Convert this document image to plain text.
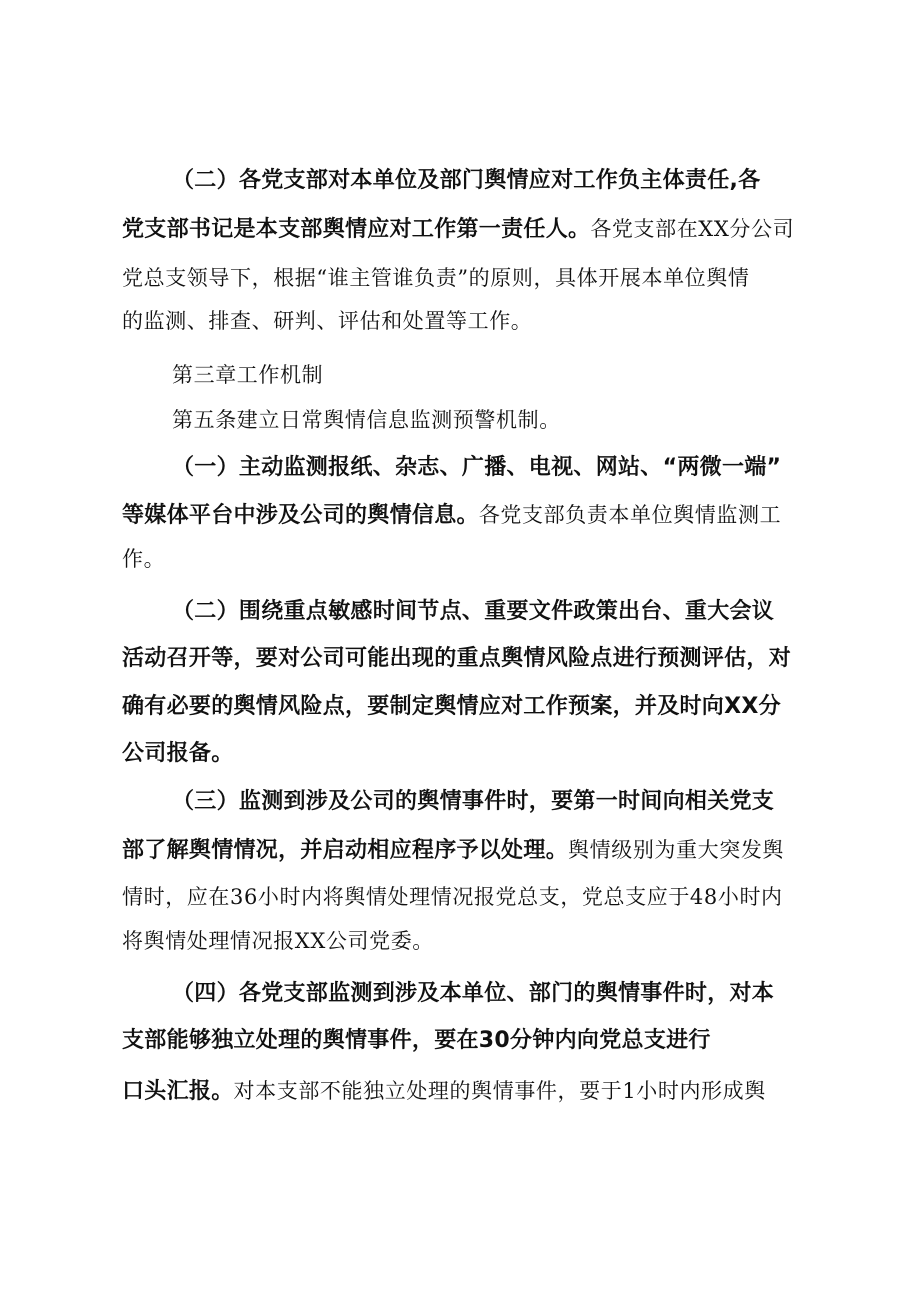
（二）各党支部对本单位及部门舆情应对工作负主体责任,各
党支部书记是本支部舆情应对工作第一责任人。各党支部在XX分公司
党总支领导下，根据“谁主管谁负责”的原则，具体开展本单位舆情
的监测、排查、研判、评估和处置等工作。
第三章工作机制
第五条建立日常舆情信息监测预警机制。
（一）主动监测报纸、杂志、广播、电视、网站、“两微一端”
等媒体平台中涉及公司的舆情信息。各党支部负责本单位舆情监测工
作。
（二）围绕重点敏感时间节点、重要文件政策出台、重大会议
活动召开等，要对公司可能出现的重点舆情风险点进行预测评估，对
确有必要的舆情风险点，要制定舆情应对工作预案，并及时向XX分
公司报备。
（三）监测到涉及公司的舆情事件时，要第一时间向相关党支
部了解舆情情况，并启动相应程序予以处理。舆情级别为重大突发舆
情时，应在36小时内将舆情处理情况报党总支，党总支应于48小时内
将舆情处理情况报XX公司党委。
（四）各党支部监测到涉及本单位、部门的舆情事件时，对本
支部能够独立处理的舆情事件，要在30分钟内向党总支进行
口头汇报。对本支部不能独立处理的舆情事件，要于1小时内形成舆
